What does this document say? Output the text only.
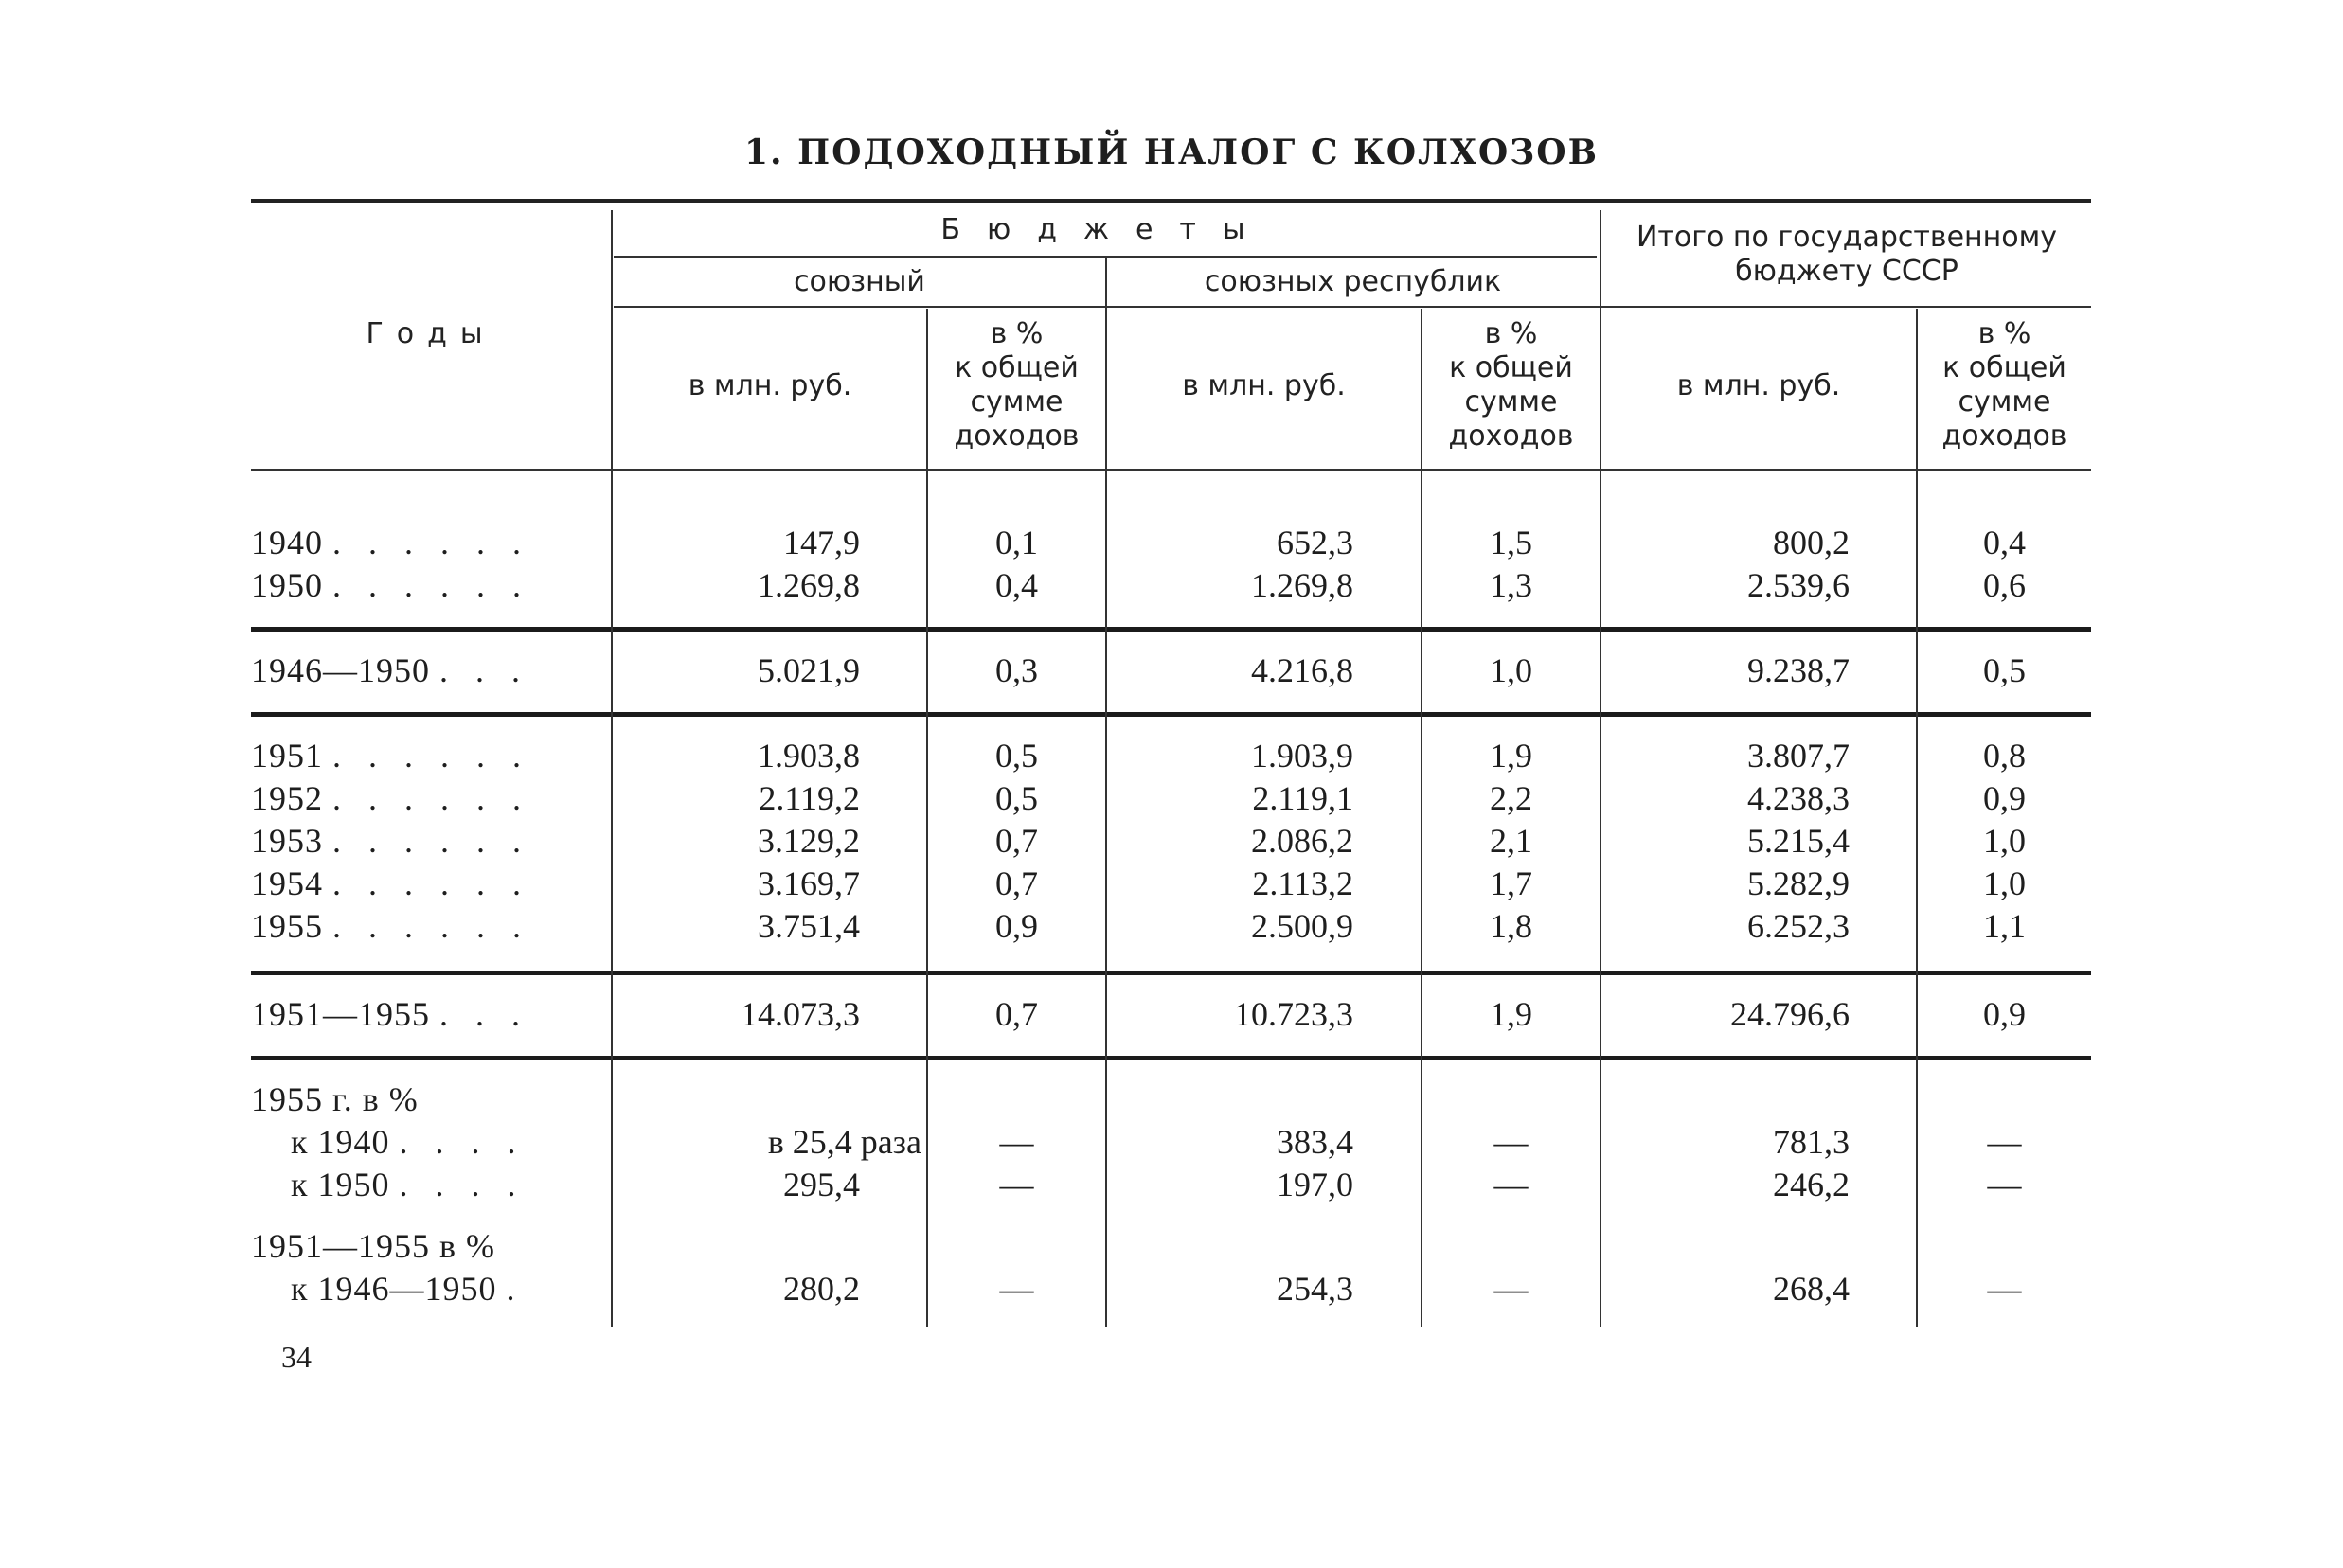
1. ПОДОХОДНЫЙ НАЛОГ С КОЛХОЗОВ
Годы
Бюджеты
союзный	союзных республик
Итого по государственному бюджету СССР
в млн. руб.
в %
к общей
сумме
доходов
в млн. руб.
в %
к общей
сумме
доходов
в млн. руб.
в %
к общей
сумме
доходов
1940 . . . . . .	147,9	0,1	652,3	1,5	800,2	0,4
1950 . . . . . .	1.269,8	0,4	1.269,8	1,3	2.539,6	0,6
1946—1950 . . .	5.021,9	0,3	4.216,8	1,0	9.238,7	0,5
1951 . . . . . .	1.903,8	0,5	1.903,9	1,9	3.807,7	0,8
1952 . . . . . .	2.119,2	0,5	2.119,1	2,2	4.238,3	0,9
1953 . . . . . .	3.129,2	0,7	2.086,2	2,1	5.215,4	1,0
1954 . . . . . .	3.169,7	0,7	2.113,2	1,7	5.282,9	1,0
1955 . . . . . .	3.751,4	0,9	2.500,9	1,8	6.252,3	1,1
1951—1955 . . .	14.073,3	0,7	10.723,3	1,9	24.796,6	0,9
1955 г. в %
к 1940 . . . .	в 25,4 раза	—	383,4	—	781,3	—
к 1950 . . . .	295,4	—	197,0	—	246,2	—
1951—1955 в %
к 1946—1950 .	280,2	—	254,3	—	268,4	—
34
